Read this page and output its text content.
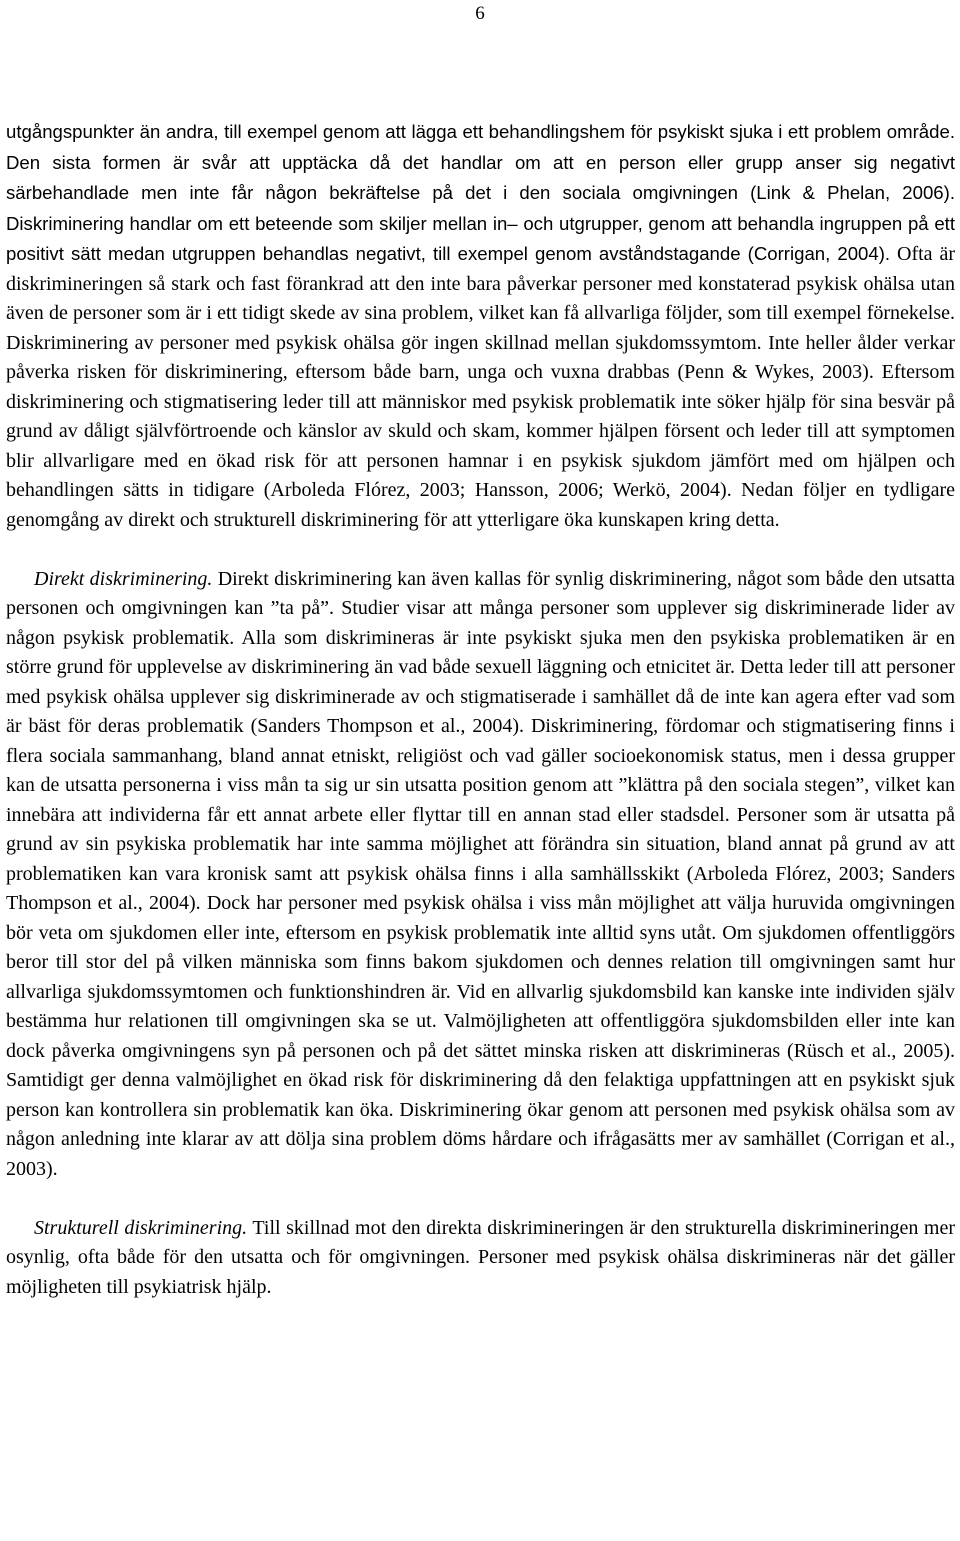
6

utgångspunkter än andra, till exempel genom att lägga ett behandlingshem för psykiskt sjuka i ett problem område. Den sista formen är svår att upptäcka då det handlar om att en person eller grupp anser sig negativt särbehandlade men inte får någon bekräftelse på det i den sociala omgivningen (Link & Phelan, 2006). Diskriminering handlar om ett beteende som skiljer mellan in– och utgrupper, genom att behandla ingruppen på ett positivt sätt medan utgruppen behandlas negativt, till exempel genom avståndstagande (Corrigan, 2004). Ofta är diskrimineringen så stark och fast förankrad att den inte bara påverkar personer med konstaterad psykisk ohälsa utan även de personer som är i ett tidigt skede av sina problem, vilket kan få allvarliga följder, som till exempel förnekelse. Diskriminering av personer med psykisk ohälsa gör ingen skillnad mellan sjukdomssymtom. Inte heller ålder verkar påverka risken för diskriminering, eftersom både barn, unga och vuxna drabbas (Penn & Wykes, 2003). Eftersom diskriminering och stigmatisering leder till att människor med psykisk problematik inte söker hjälp för sina besvär på grund av dåligt självförtroende och känslor av skuld och skam, kommer hjälpen försent och leder till att symptomen blir allvarligare med en ökad risk för att personen hamnar i en psykisk sjukdom jämfört med om hjälpen och behandlingen sätts in tidigare (Arboleda Flórez, 2003; Hansson, 2006; Werkö, 2004). Nedan följer en tydligare genomgång av direkt och strukturell diskriminering för att ytterligare öka kunskapen kring detta.

Direkt diskriminering. Direkt diskriminering kan även kallas för synlig diskriminering, något som både den utsatta personen och omgivningen kan ”ta på”. Studier visar att många personer som upplever sig diskriminerade lider av någon psykisk problematik. Alla som diskrimineras är inte psykiskt sjuka men den psykiska problematiken är en större grund för upplevelse av diskriminering än vad både sexuell läggning och etnicitet är. Detta leder till att personer med psykisk ohälsa upplever sig diskriminerade av och stigmatiserade i samhället då de inte kan agera efter vad som är bäst för deras problematik (Sanders Thompson et al., 2004). Diskriminering, fördomar och stigmatisering finns i flera sociala sammanhang, bland annat etniskt, religiöst och vad gäller socioekonomisk status, men i dessa grupper kan de utsatta personerna i viss mån ta sig ur sin utsatta position genom att ”klättra på den sociala stegen”, vilket kan innebära att individerna får ett annat arbete eller flyttar till en annan stad eller stadsdel. Personer som är utsatta på grund av sin psykiska problematik har inte samma möjlighet att förändra sin situation, bland annat på grund av att problematiken kan vara kronisk samt att psykisk ohälsa finns i alla samhällsskikt (Arboleda Flórez, 2003; Sanders Thompson et al., 2004). Dock har personer med psykisk ohälsa i viss mån möjlighet att välja huruvida omgivningen bör veta om sjukdomen eller inte, eftersom en psykisk problematik inte alltid syns utåt. Om sjukdomen offentliggörs beror till stor del på vilken människa som finns bakom sjukdomen och dennes relation till omgivningen samt hur allvarliga sjukdomssymtomen och funktionshindren är. Vid en allvarlig sjukdomsbild kan kanske inte individen själv bestämma hur relationen till omgivningen ska se ut. Valmöjligheten att offentliggöra sjukdomsbilden eller inte kan dock påverka omgivningens syn på personen och på det sättet minska risken att diskrimineras (Rüsch et al., 2005). Samtidigt ger denna valmöjlighet en ökad risk för diskriminering då den felaktiga uppfattningen att en psykiskt sjuk person kan kontrollera sin problematik kan öka. Diskriminering ökar genom att personen med psykisk ohälsa som av någon anledning inte klarar av att dölja sina problem döms hårdare och ifrågasätts mer av samhället (Corrigan et al., 2003).

Strukturell diskriminering. Till skillnad mot den direkta diskrimineringen är den strukturella diskrimineringen mer osynlig, ofta både för den utsatta och för omgivningen. Personer med psykisk ohälsa diskrimineras när det gäller möjligheten till psykiatrisk hjälp.
